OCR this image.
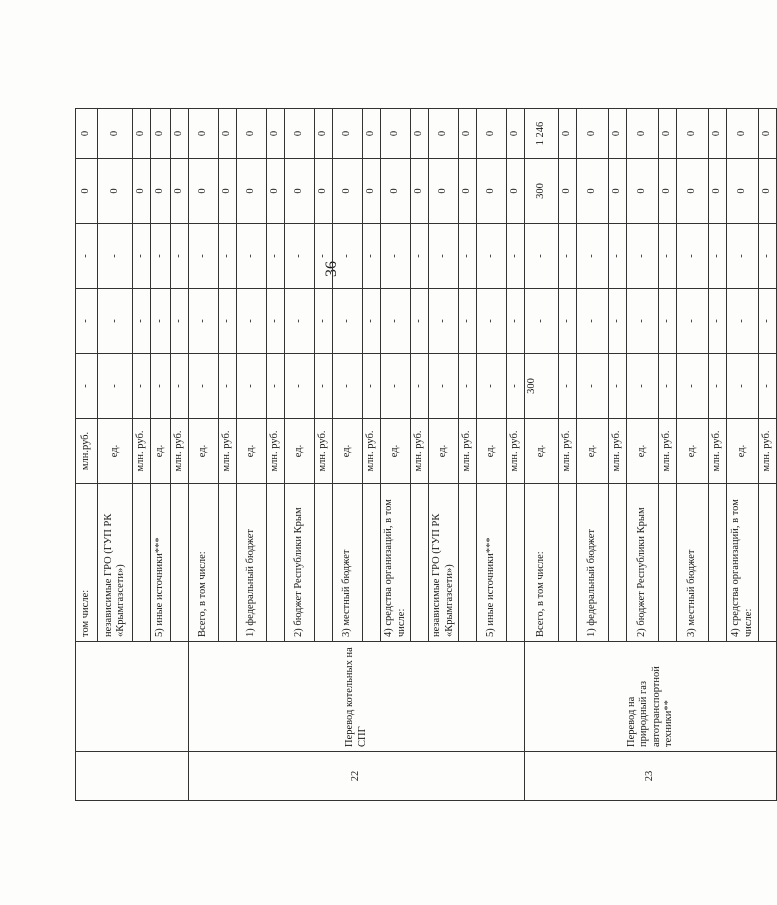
36
		том числе:	млн.руб.	-	-	-	0	0
		независимые ГРО (ГУП РК «Крымгазсети»)	ед.	-	-	-	0	0
			млн. руб.	-	-	-	0	0
		5) иные источники***	ед.	-	-	-	0	0
			млн. руб.	-	-	-	0	0
22	Перевод котельных на СПГ	Всего, в том числе:	ед.	-	-	-	0	0
			млн. руб.	-	-	-	0	0
		1) федеральный бюджет	ед.	-	-	-	0	0
			млн. руб.	-	-	-	0	0
		2) бюджет Республики Крым	ед.	-	-	-	0	0
			млн. руб.	-	-	-	0	0
		3) местный бюджет	ед.	-	-	-	0	0
			млн. руб.	-	-	-	0	0
		4) средства организаций, в том числе:	ед.	-	-	-	0	0
			млн. руб.	-	-	-	0	0
		независимые ГРО (ГУП РК «Крымгазсети»)	ед.	-	-	-	0	0
			млн. руб.	-	-	-	0	0
		5) иные источники***	ед.	-	-	-	0	0
			млн. руб.	-	-	-	0	0
23	Перевод на природный газ автотранспортной техники**	Всего, в том числе:	ед.	300	-	-	300	1 246
			млн. руб.	-	-	-	0	0
		1) федеральный бюджет	ед.	-	-	-	0	0
			млн. руб.	-	-	-	0	0
		2) бюджет Республики Крым	ед.	-	-	-	0	0
			млн. руб.	-	-	-	0	0
		3) местный бюджет	ед.	-	-	-	0	0
			млн. руб.	-	-	-	0	0
		4) средства организаций, в том числе:	ед.	-	-	-	0	0
			млн. руб.	-	-	-	0	0
